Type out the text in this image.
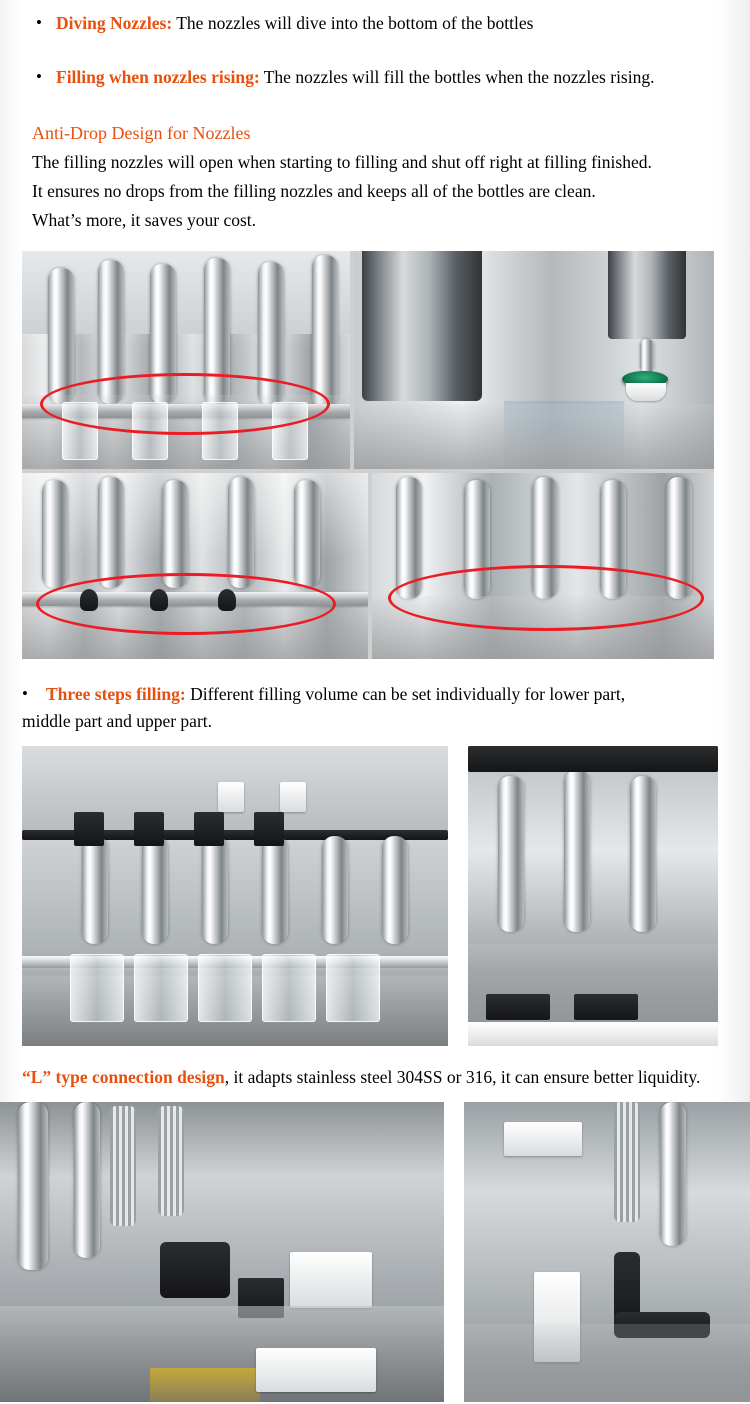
• Diving Nozzles: The nozzles will dive into the bottom of the bottles
• Filling when nozzles rising: The nozzles will fill the bottles when the nozzles rising.
Anti-Drop Design for Nozzles
The filling nozzles will open when starting to filling and shut off right at filling finished.
It ensures no drops from the filling nozzles and keeps all of the bottles are clean.
What’s more, it saves your cost.
•	Three steps filling: Different filling volume can be set individually for lower part,
middle part and upper part.
“L” type connection design, it adapts stainless steel 304SS or 316, it can ensure better liquidity.
